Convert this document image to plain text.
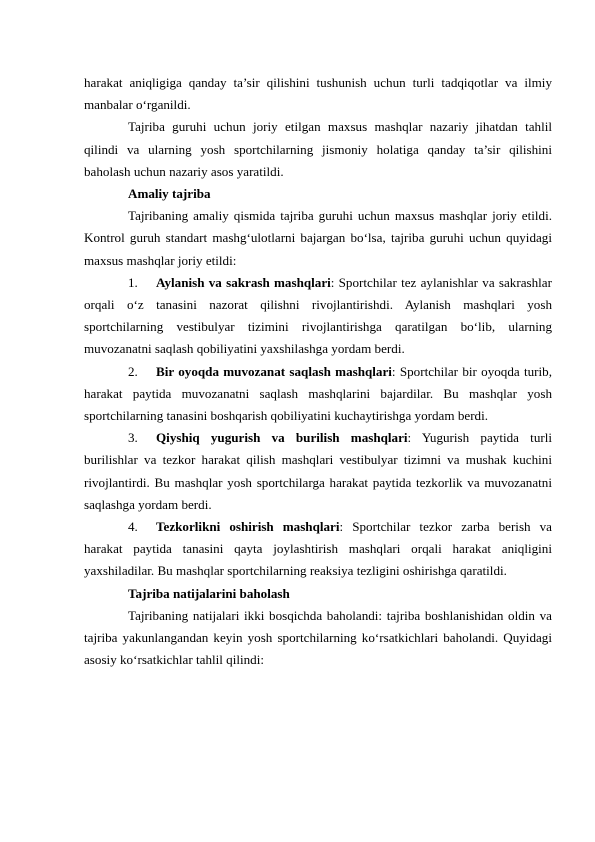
harakat aniqligiga qanday ta’sir qilishini tushunish uchun turli tadqiqotlar va ilmiy manbalar o‘rganildi.

Tajriba guruhi uchun joriy etilgan maxsus mashqlar nazariy jihatdan tahlil qilindi va ularning yosh sportchilarning jismoniy holatiga qanday ta’sir qilishini baholash uchun nazariy asos yaratildi.

Amaliy tajriba

Tajribaning amaliy qismida tajriba guruhi uchun maxsus mashqlar joriy etildi. Kontrol guruh standart mashg‘ulotlarni bajargan bo‘lsa, tajriba guruhi uchun quyidagi maxsus mashqlar joriy etildi:

1. Aylanish va sakrash mashqlari: Sportchilar tez aylanishlar va sakrashlar orqali o‘z tanasini nazorat qilishni rivojlantirishdi. Aylanish mashqlari yosh sportchilarning vestibulyar tizimini rivojlantirishga qaratilgan bo‘lib, ularning muvozanatni saqlash qobiliyatini yaxshilashga yordam berdi.

2. Bir oyoqda muvozanat saqlash mashqlari: Sportchilar bir oyoqda turib, harakat paytida muvozanatni saqlash mashqlarini bajardilar. Bu mashqlar yosh sportchilarning tanasini boshqarish qobiliyatini kuchaytirishga yordam berdi.

3. Qiyshiq yugurish va burilish mashqlari: Yugurish paytida turli burilishlar va tezkor harakat qilish mashqlari vestibulyar tizimni va mushak kuchini rivojlantirdi. Bu mashqlar yosh sportchilarga harakat paytida tezkorlik va muvozanatni saqlashga yordam berdi.

4. Tezkorlikni oshirish mashqlari: Sportchilar tezkor zarba berish va harakat paytida tanasini qayta joylashtirish mashqlari orqali harakat aniqligini yaxshiladilar. Bu mashqlar sportchilarning reaksiya tezligini oshirishga qaratildi.

Tajriba natijalarini baholash

Tajribaning natijalari ikki bosqichda baholandi: tajriba boshlanishidan oldin va tajriba yakunlangandan keyin yosh sportchilarning ko‘rsatkichlari baholandi. Quyidagi asosiy ko‘rsatkichlar tahlil qilindi:
